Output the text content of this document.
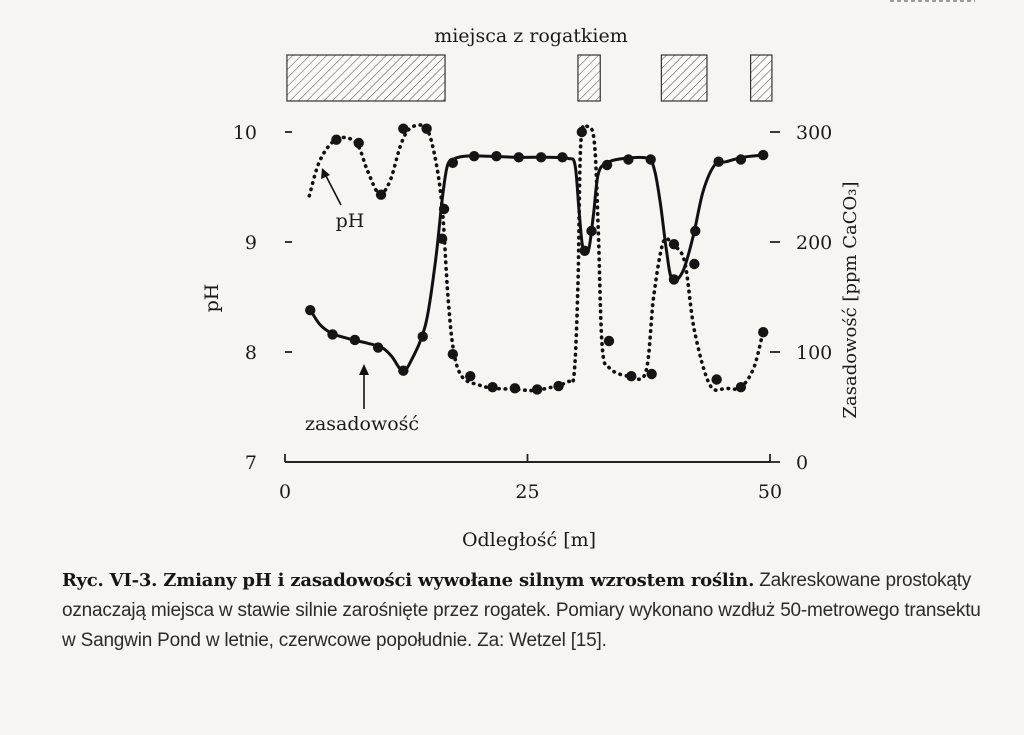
miejsca z rogatkiem
7
8
9
10
0
100
200
300
0	25	50
pH	Zasadowość [ppm CaCO₃]
Odległość [m]
pH
zasadowość
Ryc. VI-3. Zmiany pH i zasadowości wywołane silnym wzrostem roślin. Zakreskowane prostokąty oznaczają miejsca w stawie silnie zarośnięte przez rogatek. Pomiary wykonano wzdłuż 50-metrowego transektu w Sangwin Pond w letnie, czerwcowe popołudnie. Za: Wetzel [15].
